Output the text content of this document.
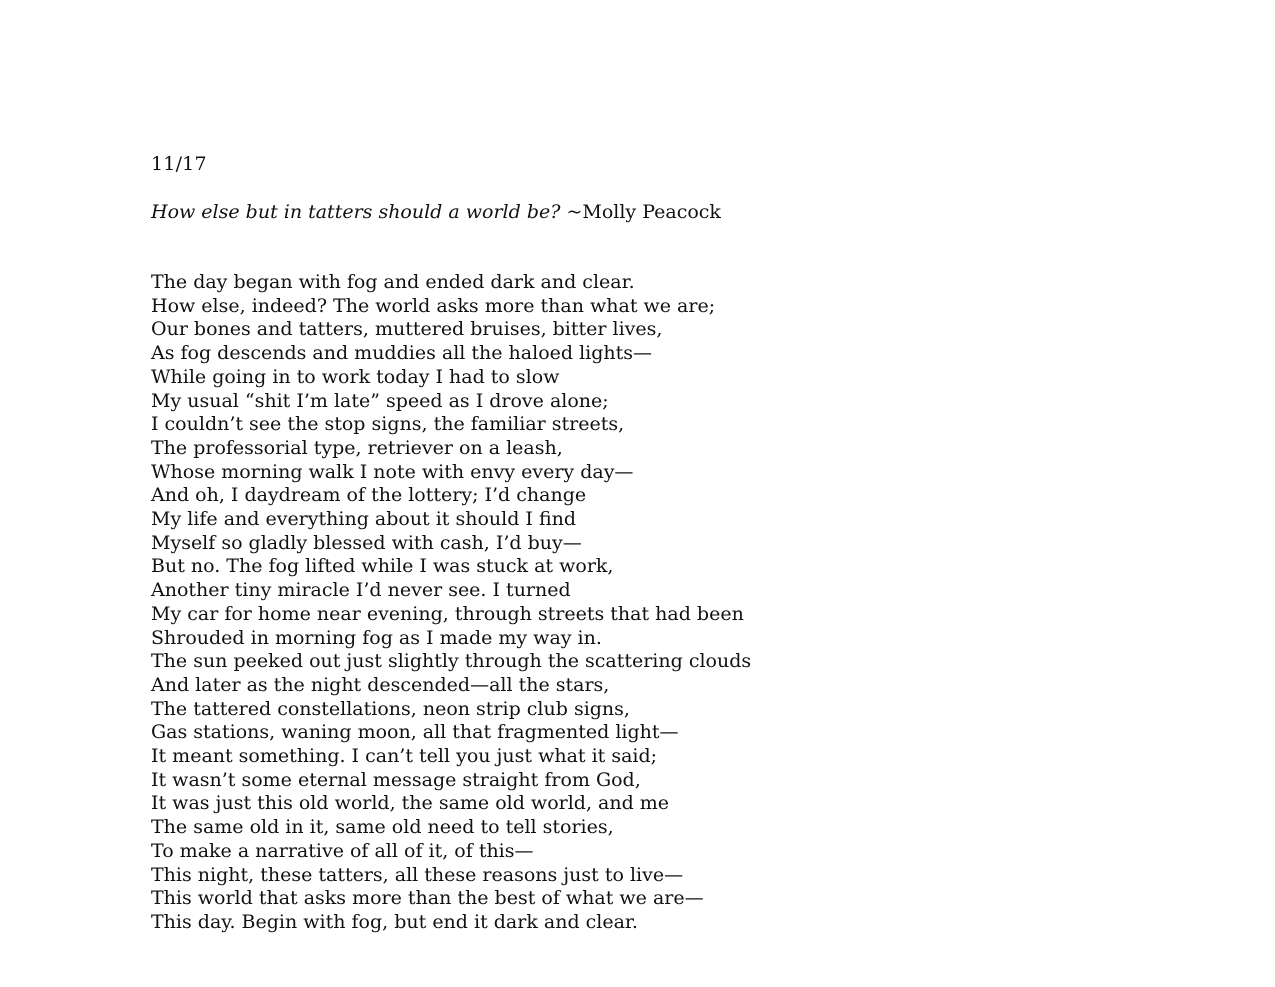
11/17
How else but in tatters should a world be? ~Molly Peacock
The day began with fog and ended dark and clear.
How else, indeed? The world asks more than what we are;
Our bones and tatters, muttered bruises, bitter lives,
As fog descends and muddies all the haloed lights—
While going in to work today I had to slow
My usual “shit I’m late” speed as I drove alone;
I couldn’t see the stop signs, the familiar streets,
The professorial type, retriever on a leash,
Whose morning walk I note with envy every day—
And oh, I daydream of the lottery; I’d change
My life and everything about it should I find
Myself so gladly blessed with cash, I’d buy—
But no. The fog lifted while I was stuck at work,
Another tiny miracle I’d never see. I turned
My car for home near evening, through streets that had been
Shrouded in morning fog as I made my way in.
The sun peeked out just slightly through the scattering clouds
And later as the night descended—all the stars,
The tattered constellations, neon strip club signs,
Gas stations, waning moon, all that fragmented light—
It meant something. I can’t tell you just what it said;
It wasn’t some eternal message straight from God,
It was just this old world, the same old world, and me
The same old in it, same old need to tell stories,
To make a narrative of all of it, of this—
This night, these tatters, all these reasons just to live—
This world that asks more than the best of what we are—
This day. Begin with fog, but end it dark and clear.
